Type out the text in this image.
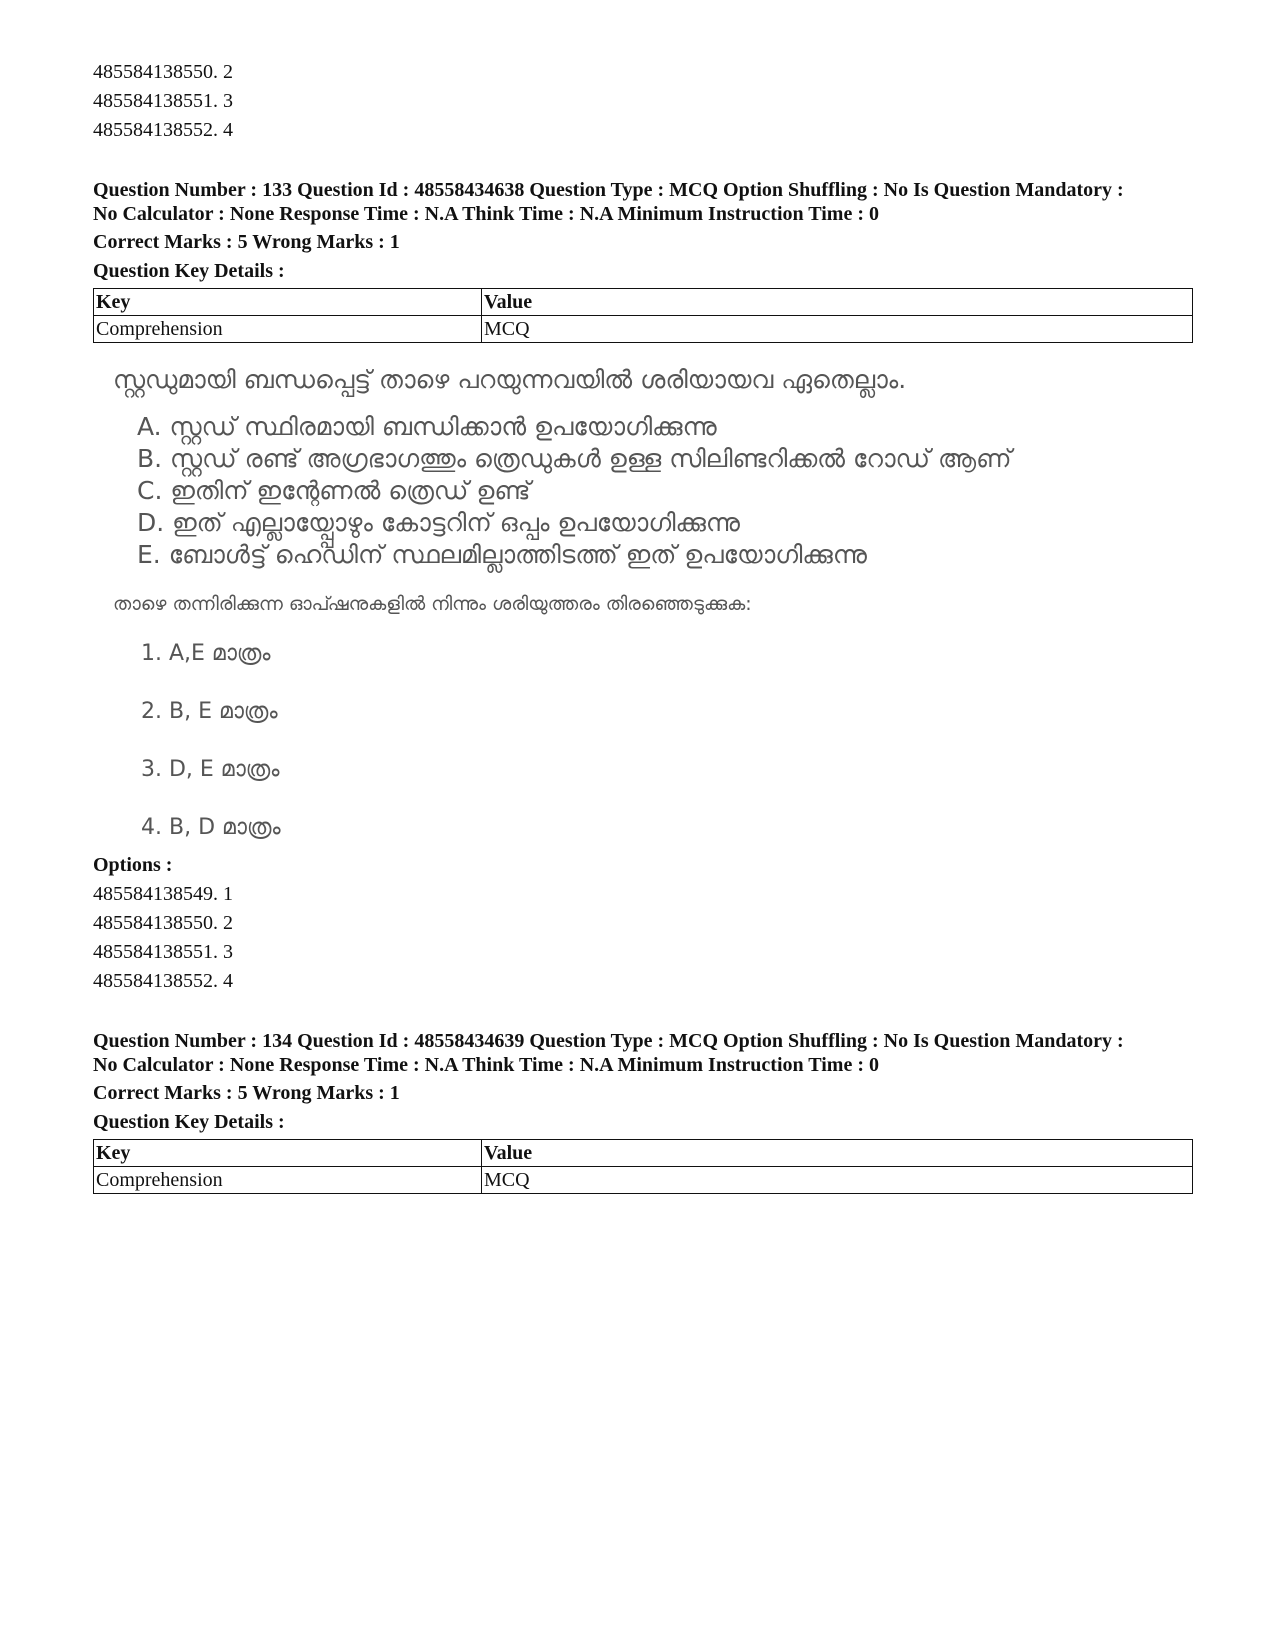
485584138550. 2

485584138551. 3

485584138552. 4

Question Number : 133 Question Id : 48558434638 Question Type : MCQ Option Shuffling : No Is Question Mandatory :

No Calculator : None Response Time : N.A Think Time : N.A Minimum Instruction Time : 0

Correct Marks : 5 Wrong Marks : 1

Question Key Details :

Key	Value
Comprehension	MCQ

സ്റ്റഡുമായി ബന്ധപ്പെട്ട് താഴെ പറയുന്നവയിൽ ശരിയായവ ഏതെല്ലാം.

A. സ്റ്റഡ് സ്ഥിരമായി ബന്ധിക്കാൻ ഉപയോഗിക്കുന്നു

B. സ്റ്റഡ് രണ്ട് അഗ്രഭാഗത്തും ത്രെഡുകൾ ഉള്ള സിലിണ്ടറിക്കൽ റോഡ് ആണ്

C. ഇതിന് ഇന്റേണൽ ത്രെഡ് ഉണ്ട്

D. ഇത് എല്ലായ്പ്പോഴും കോട്ടറിന് ഒപ്പം ഉപയോഗിക്കുന്നു

E. ബോൾട്ട് ഹെഡിന് സ്ഥലമില്ലാത്തിടത്ത് ഇത് ഉപയോഗിക്കുന്നു

താഴെ തന്നിരിക്കുന്ന ഓപ്ഷനുകളിൽ നിന്നും ശരിയുത്തരം തിരഞ്ഞെടുക്കുക:

1. A,E മാത്രം

2. B, E മാത്രം

3. D, E മാത്രം

4. B, D മാത്രം

Options :

485584138549. 1

485584138550. 2

485584138551. 3

485584138552. 4

Question Number : 134 Question Id : 48558434639 Question Type : MCQ Option Shuffling : No Is Question Mandatory :

No Calculator : None Response Time : N.A Think Time : N.A Minimum Instruction Time : 0

Correct Marks : 5 Wrong Marks : 1

Question Key Details :

Key	Value
Comprehension	MCQ
